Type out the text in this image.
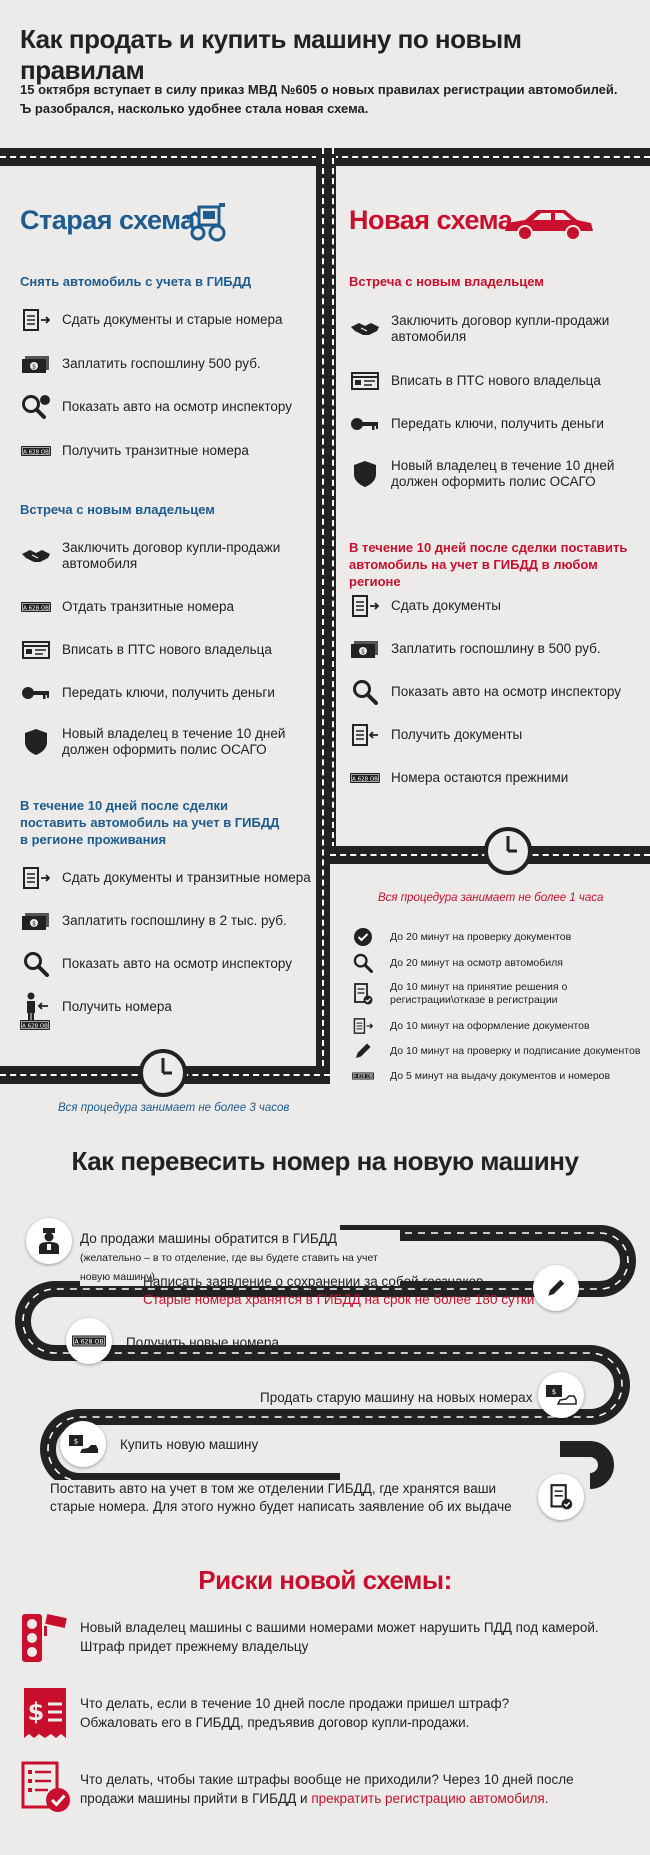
Как продать и купить машину по новым правилам

15 октября вступает в силу приказ МВД №605 о новых правилах регистрации автомобилей. Ъ разобрался, насколько удобнее стала новая схема.

Старая схема
Снять автомобиль с учета в ГИБДД
Сдать документы и старые номера
Заплатить госпошлину 500 руб.
Показать авто на осмотр инспектору
Получить транзитные номера
Встреча с новым владельцем
Заключить договор купли-продажи автомобиля
Отдать транзитные номера
Вписать в ПТС нового владельца
Передать ключи, получить деньги
Новый владелец в течение 10 дней должен оформить полис ОСАГО
В течение 10 дней после сделки поставить автомобиль на учет в ГИБДД в регионе проживания
Сдать документы и транзитные номера
Заплатить госпошлину в 2 тыс. руб.
Показать авто на осмотр инспектору
Получить номера
Вся процедура занимает не более 3 часов
Новая схема
Встреча с новым владельцем
Заключить договор купли-продажи автомобиля
Вписать в ПТС нового владельца
Передать ключи, получить деньги
Новый владелец в течение 10 дней должен оформить полис ОСАГО
В течение 10 дней после сделки поставить автомобиль на учет в ГИБДД в любом регионе
Сдать документы
Заплатить госпошлину в 500 руб.
Показать авто на осмотр инспектору
Получить документы
Номера остаются прежними
Вся процедура занимает не более 1 часа
До 20 минут на проверку документов
До 20 минут на осмотр автомобиля
До 10 минут на принятие решения о регистрации\отказе в регистрации
До 10 минут на оформление документов
До 10 минут на проверку и подписание документов
До 5 минут на выдачу документов и номеров
Как перевесить номер на новую машину
До продажи машины обратится в ГИБДД
(желательно – в то отделение, где вы будете ставить на учет новую машину)
Написать заявление о сохранении за собой госзнаков.
Старые номера хранятся в ГИБДД на срок не более 180 сутки
Получить новые номера
Продать старую машину на новых номерах	$
$	Купить новую машину
Поставить авто на учет в том же отделении ГИБДД, где хранятся ваши старые номера. Для этого нужно будет написать заявление об их выдаче
Риски новой схемы:
Новый владелец машины с вашими номерами может нарушить ПДД под камерой. Штраф придет прежнему владельцу
$	Что делать, если в течение 10 дней после продажи пришел штраф? Обжаловать его в ГИБДД, предъявив договор купли-продажи.
Что делать, чтобы такие штрафы вообще не приходили? Через 10 дней после продажи машины прийти в ГИБДД и прекратить регистрацию автомобиля.
